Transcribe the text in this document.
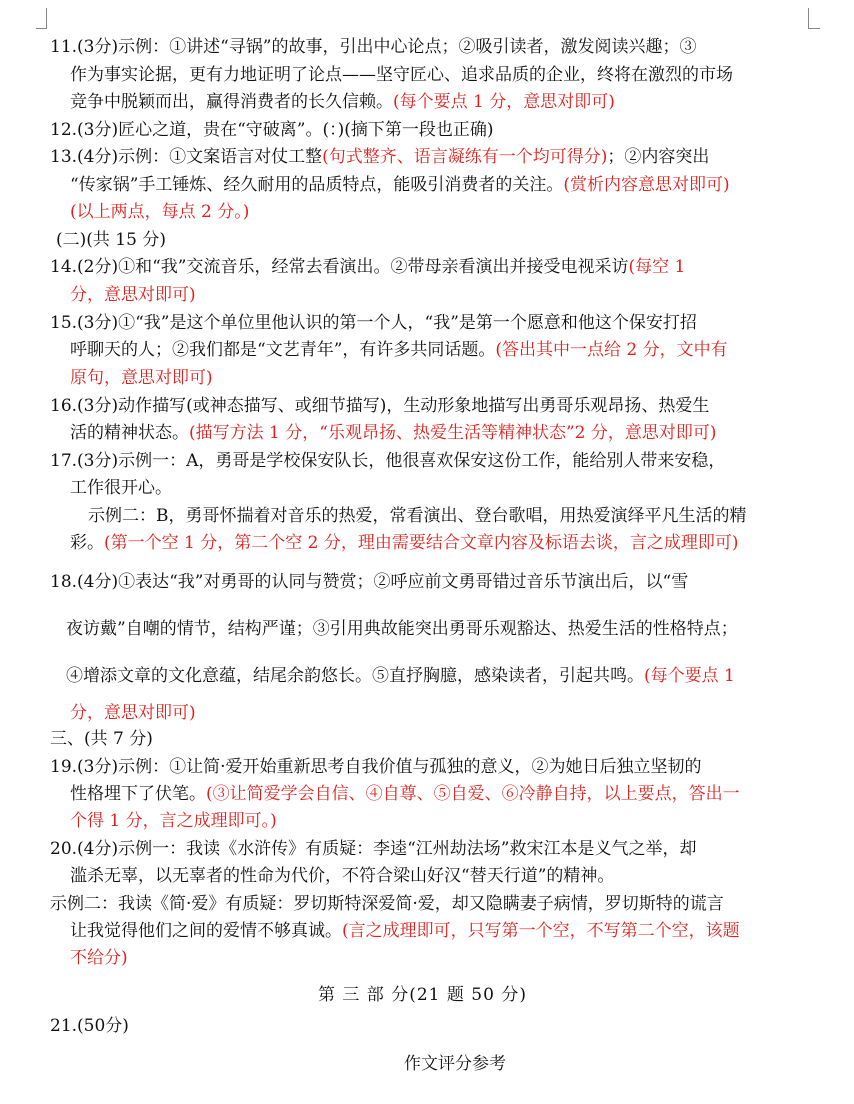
11.(3分)示例：①讲述“寻锅”的故事，引出中心论点；②吸引读者，激发阅读兴趣；③
作为事实论据，更有力地证明了论点——坚守匠心、追求品质的企业，终将在激烈的市场
竞争中脱颖而出，赢得消费者的长久信赖。(每个要点 1 分，意思对即可)
12.(3分)匠心之道，贵在“守破离”。(：)(摘下第一段也正确)
13.(4分)示例：①文案语言对仗工整(句式整齐、语言凝练有一个均可得分)；②内容突出
“传家锅”手工锤炼、经久耐用的品质特点，能吸引消费者的关注。(赏析内容意思对即可)
(以上两点，每点 2 分。)
(二)(共 15 分)
14.(2分)①和“我”交流音乐，经常去看演出。②带母亲看演出并接受电视采访(每空 1
分，意思对即可)
15.(3分)①“我”是这个单位里他认识的第一个人，“我”是第一个愿意和他这个保安打招
呼聊天的人；②我们都是“文艺青年”，有许多共同话题。(答出其中一点给 2 分，文中有
原句，意思对即可)
16.(3分)动作描写(或神态描写、或细节描写)，生动形象地描写出勇哥乐观昂扬、热爱生
活的精神状态。(描写方法 1 分，“乐观昂扬、热爱生活等精神状态”2 分，意思对即可)
17.(3分)示例一：A，勇哥是学校保安队长，他很喜欢保安这份工作，能给别人带来安稳，
工作很开心。
示例二：B，勇哥怀揣着对音乐的热爱，常看演出、登台歌唱，用热爱演绎平凡生活的精
彩。(第一个空 1 分，第二个空 2 分，理由需要结合文章内容及标语去谈，言之成理即可)
18.(4分)①表达“我”对勇哥的认同与赞赏；②呼应前文勇哥错过音乐节演出后，以“雪
夜访戴”自嘲的情节，结构严谨；③引用典故能突出勇哥乐观豁达、热爱生活的性格特点；
④增添文章的文化意蕴，结尾余韵悠长。⑤直抒胸臆，感染读者，引起共鸣。(每个要点 1
分，意思对即可)
三、(共 7 分)
19.(3分)示例：①让简·爱开始重新思考自我价值与孤独的意义，②为她日后独立坚韧的
性格埋下了伏笔。(③让简爱学会自信、④自尊、⑤自爱、⑥冷静自持，以上要点，答出一
个得 1 分，言之成理即可。)
20.(4分)示例一：我读《水浒传》有质疑：李逵“江州劫法场”救宋江本是义气之举，却
滥杀无辜，以无辜者的性命为代价，不符合梁山好汉“替天行道”的精神。
示例二：我读《简·爱》有质疑：罗切斯特深爱简·爱，却又隐瞒妻子病情，罗切斯特的谎言
让我觉得他们之间的爱情不够真诚。(言之成理即可，只写第一个空，不写第二个空，该题
不给分)
第 三 部 分(21 题 50 分)
21.(50分)
作文评分参考
